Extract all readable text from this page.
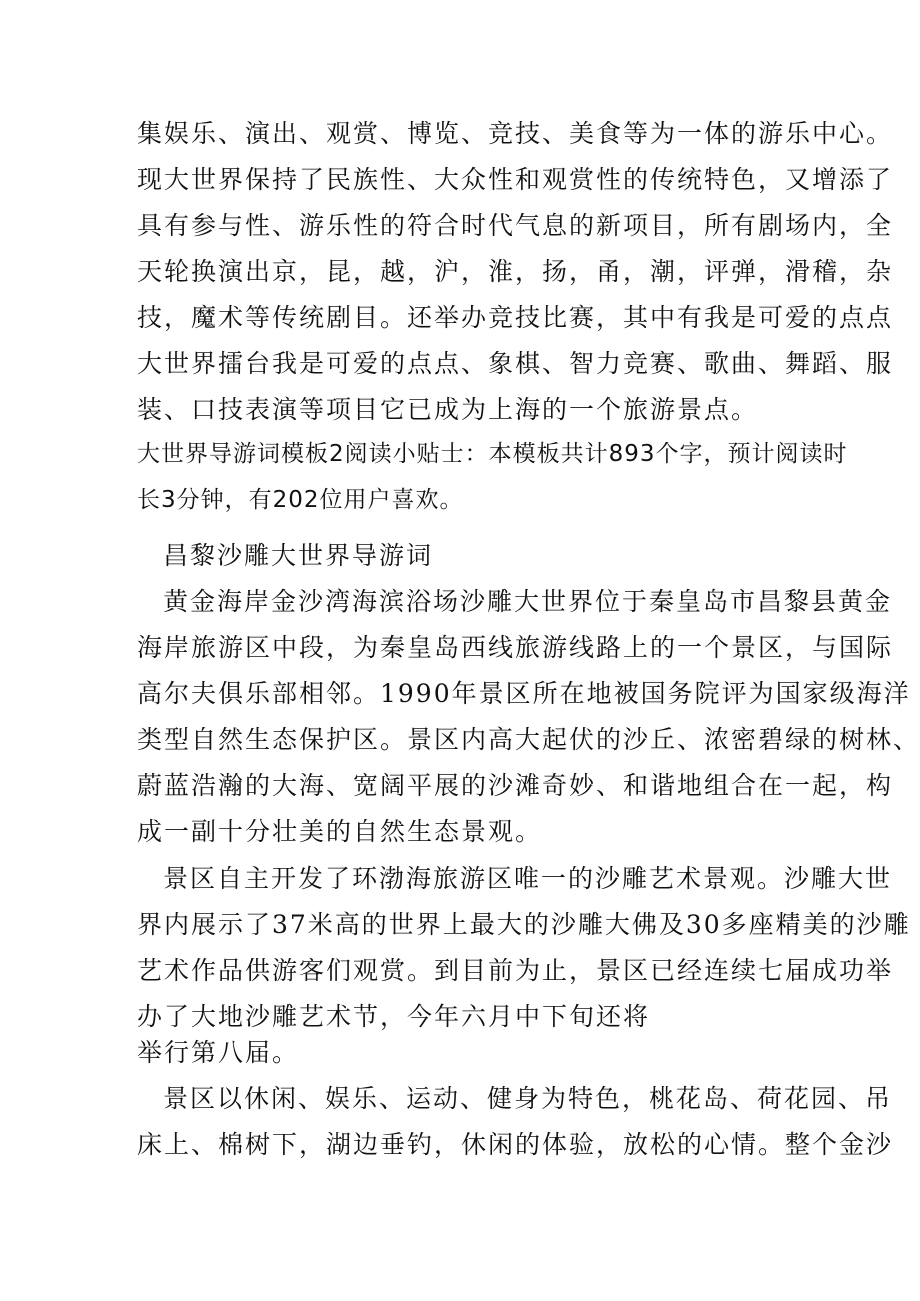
集娱乐、演出、观赏、博览、竞技、美食等为一体的游乐中心。
现大世界保持了民族性、大众性和观赏性的传统特色，又增添了
具有参与性、游乐性的符合时代气息的新项目，所有剧场内，全
天轮换演出京，昆，越，沪，淮，扬，甬，潮，评弹，滑稽，杂
技，魔术等传统剧目。还举办竞技比赛，其中有我是可爱的点点
大世界擂台我是可爱的点点、象棋、智力竞赛、歌曲、舞蹈、服
装、口技表演等项目它已成为上海的一个旅游景点。
大世界导游词模板2阅读小贴士：本模板共计893个字，预计阅读时
长3分钟，有202位用户喜欢。
昌黎沙雕大世界导游词
黄金海岸金沙湾海滨浴场沙雕大世界位于秦皇岛市昌黎县黄金
海岸旅游区中段，为秦皇岛西线旅游线路上的一个景区，与国际
高尔夫俱乐部相邻。1990年景区所在地被国务院评为国家级海洋
类型自然生态保护区。景区内高大起伏的沙丘、浓密碧绿的树林、
蔚蓝浩瀚的大海、宽阔平展的沙滩奇妙、和谐地组合在一起，构
成一副十分壮美的自然生态景观。
景区自主开发了环渤海旅游区唯一的沙雕艺术景观。沙雕大世
界内展示了37米高的世界上最大的沙雕大佛及30多座精美的沙雕
艺术作品供游客们观赏。到目前为止，景区已经连续七届成功举
办了大地沙雕艺术节，今年六月中下旬还将
举行第八届。
景区以休闲、娱乐、运动、健身为特色，桃花岛、荷花园、吊
床上、棉树下，湖边垂钓，休闲的体验，放松的心情。整个金沙
